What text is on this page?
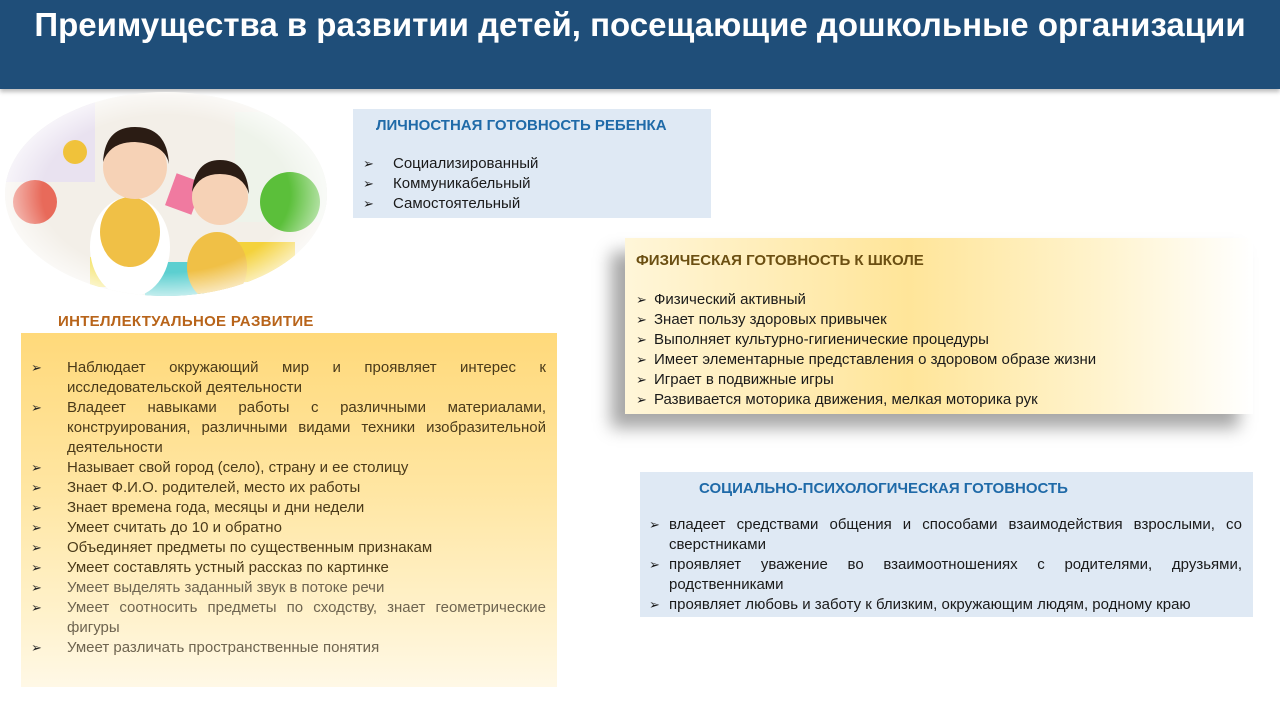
Преимущества в развитии детей, посещающие дошкольные организации
ЛИЧНОСТНАЯ ГОТОВНОСТЬ РЕБЕНКА
➢	Социализированный
➢	Коммуникабельный
➢	Самостоятельный
ФИЗИЧЕСКАЯ ГОТОВНОСТЬ К ШКОЛЕ
➢ Физический активный
➢ Знает пользу здоровых привычек
➢ Выполняет культурно-гигиенические процедуры
➢ Имеет элементарные представления о здоровом образе жизни
➢ Играет в подвижные игры
➢ Развивается моторика движения, мелкая моторика рук
ИНТЕЛЛЕКТУАЛЬНОЕ РАЗВИТИЕ
➢	Наблюдает окружающий мир и проявляет интерес к исследовательской деятельности
➢	Владеет навыками работы с различными материалами, конструирования, различными видами техники изобразительной деятельности
➢	Называет свой город (село), страну и ее столицу
➢	Знает Ф.И.О. родителей, место их работы
➢	Знает времена года, месяцы и дни недели
➢	Умеет считать до 10 и обратно
➢	Объединяет предметы по существенным признакам
➢	Умеет составлять устный рассказ по картинке
➢	Умеет выделять заданный звук в потоке речи
➢	Умеет соотносить предметы по сходству, знает геометрические фигуры
➢	Умеет различать пространственные понятия
СОЦИАЛЬНО-ПСИХОЛОГИЧЕСКАЯ ГОТОВНОСТЬ
➢ владеет средствами общения и способами взаимодействия взрослыми, со сверстниками
➢ проявляет уважение во взаимоотношениях с родителями, друзьями, родственниками
➢ проявляет любовь и заботу к близким, окружающим людям, родному краю
